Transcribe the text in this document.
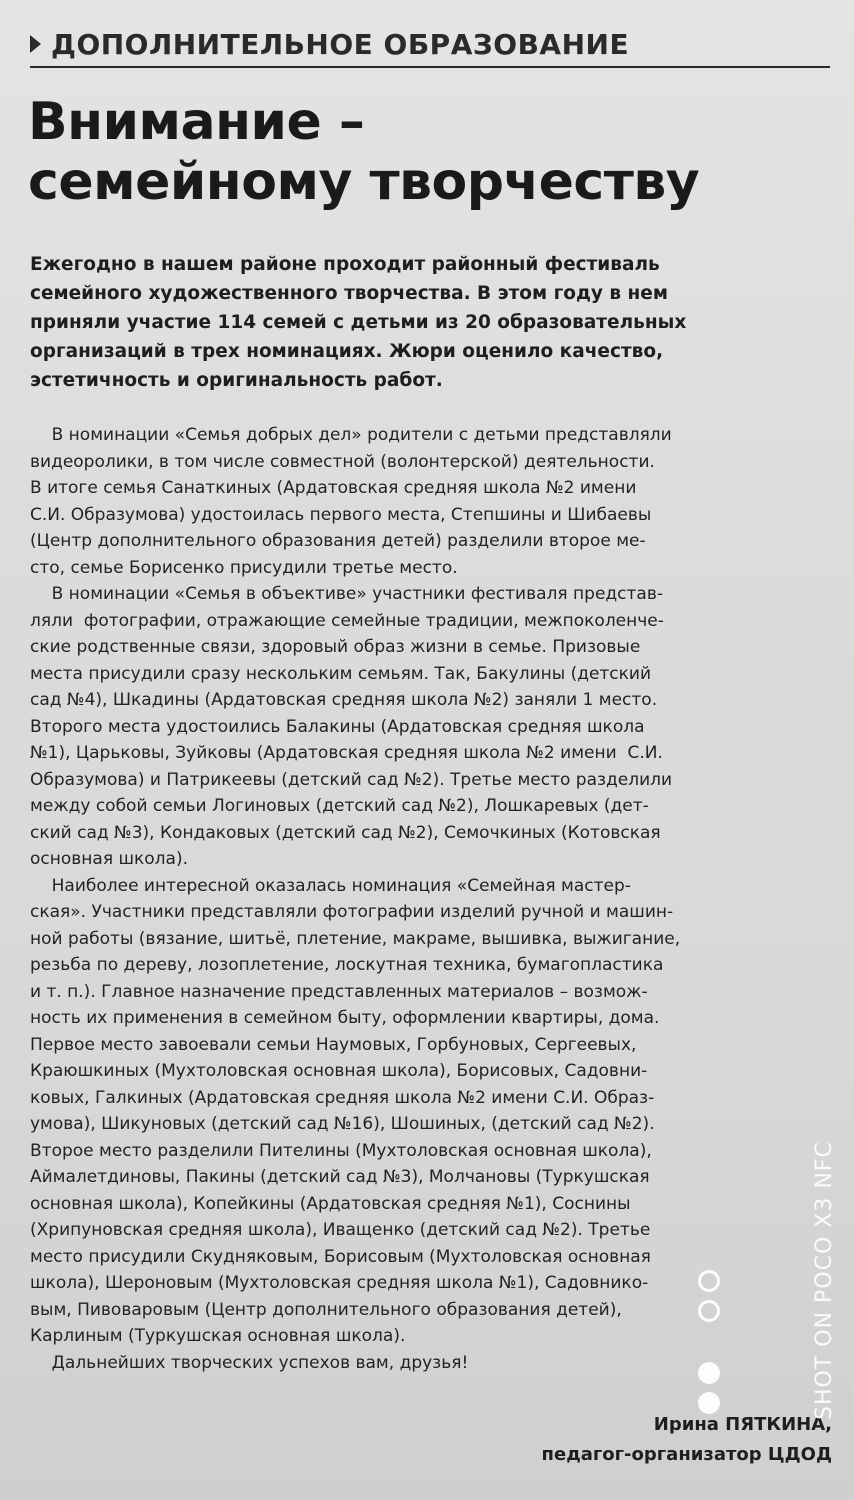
ДОПОЛНИТЕЛЬНОЕ ОБРАЗОВАНИЕ
Внимание –
семейному творчеству
Ежегодно в нашем районе проходит районный фестиваль
семейного художественного творчества. В этом году в нем
приняли участие 114 семей с детьми из 20 образовательных
организаций в трех номинациях. Жюри оценило качество,
эстетичность и оригинальность работ.
В номинации «Семья добрых дел» родители с детьми представляли
видеоролики, в том числе совместной (волонтерской) деятельности.
В итоге семья Санаткиных (Ардатовская средняя школа №2 имени
С.И. Образумова) удостоилась первого места, Степшины и Шибаевы
(Центр дополнительного образования детей) разделили второе ме-
сто, семье Борисенко присудили третье место.
В номинации «Семья в объективе» участники фестиваля представ-
ляли  фотографии, отражающие семейные традиции, межпоколенче-
ские родственные связи, здоровый образ жизни в семье. Призовые
места присудили сразу нескольким семьям. Так, Бакулины (детский
сад №4), Шкадины (Ардатовская средняя школа №2) заняли 1 место.
Второго места удостоились Балакины (Ардатовская средняя школа
№1), Царьковы, Зуйковы (Ардатовская средняя школа №2 имени  С.И.
Образумова) и Патрикеевы (детский сад №2). Третье место разделили
между собой семьи Логиновых (детский сад №2), Лошкаревых (дет-
ский сад №3), Кондаковых (детский сад №2), Семочкиных (Котовская
основная школа).
Наиболее интересной оказалась номинация «Семейная мастер-
ская». Участники представляли фотографии изделий ручной и машин-
ной работы (вязание, шитьё, плетение, макраме, вышивка, выжигание,
резьба по дереву, лозоплетение, лоскутная техника, бумагопластика
и т. п.). Главное назначение представленных материалов – возмож-
ность их применения в семейном быту, оформлении квартиры, дома.
Первое место завоевали семьи Наумовых, Горбуновых, Сергеевых,
Краюшкиных (Мухтоловская основная школа), Борисовых, Садовни-
ковых, Галкиных (Ардатовская средняя школа №2 имени С.И. Образ-
умова), Шикуновых (детский сад №16), Шошиных, (детский сад №2).
Второе место разделили Пителины (Мухтоловская основная школа),
Аймалетдиновы, Пакины (детский сад №3), Молчановы (Туркушская
основная школа), Копейкины (Ардатовская средняя №1), Соснины
(Хрипуновская средняя школа), Иващенко (детский сад №2). Третье
место присудили Скудняковым, Борисовым (Мухтоловская основная
школа), Шероновым (Мухтоловская средняя школа №1), Садовнико-
вым, Пивоваровым (Центр дополнительного образования детей),
Карлиным (Туркушская основная школа).
Дальнейших творческих успехов вам, друзья!
Ирина ПЯТКИНА,
педагог-организатор ЦДОД
SHOT ON POCO X3 NFC
